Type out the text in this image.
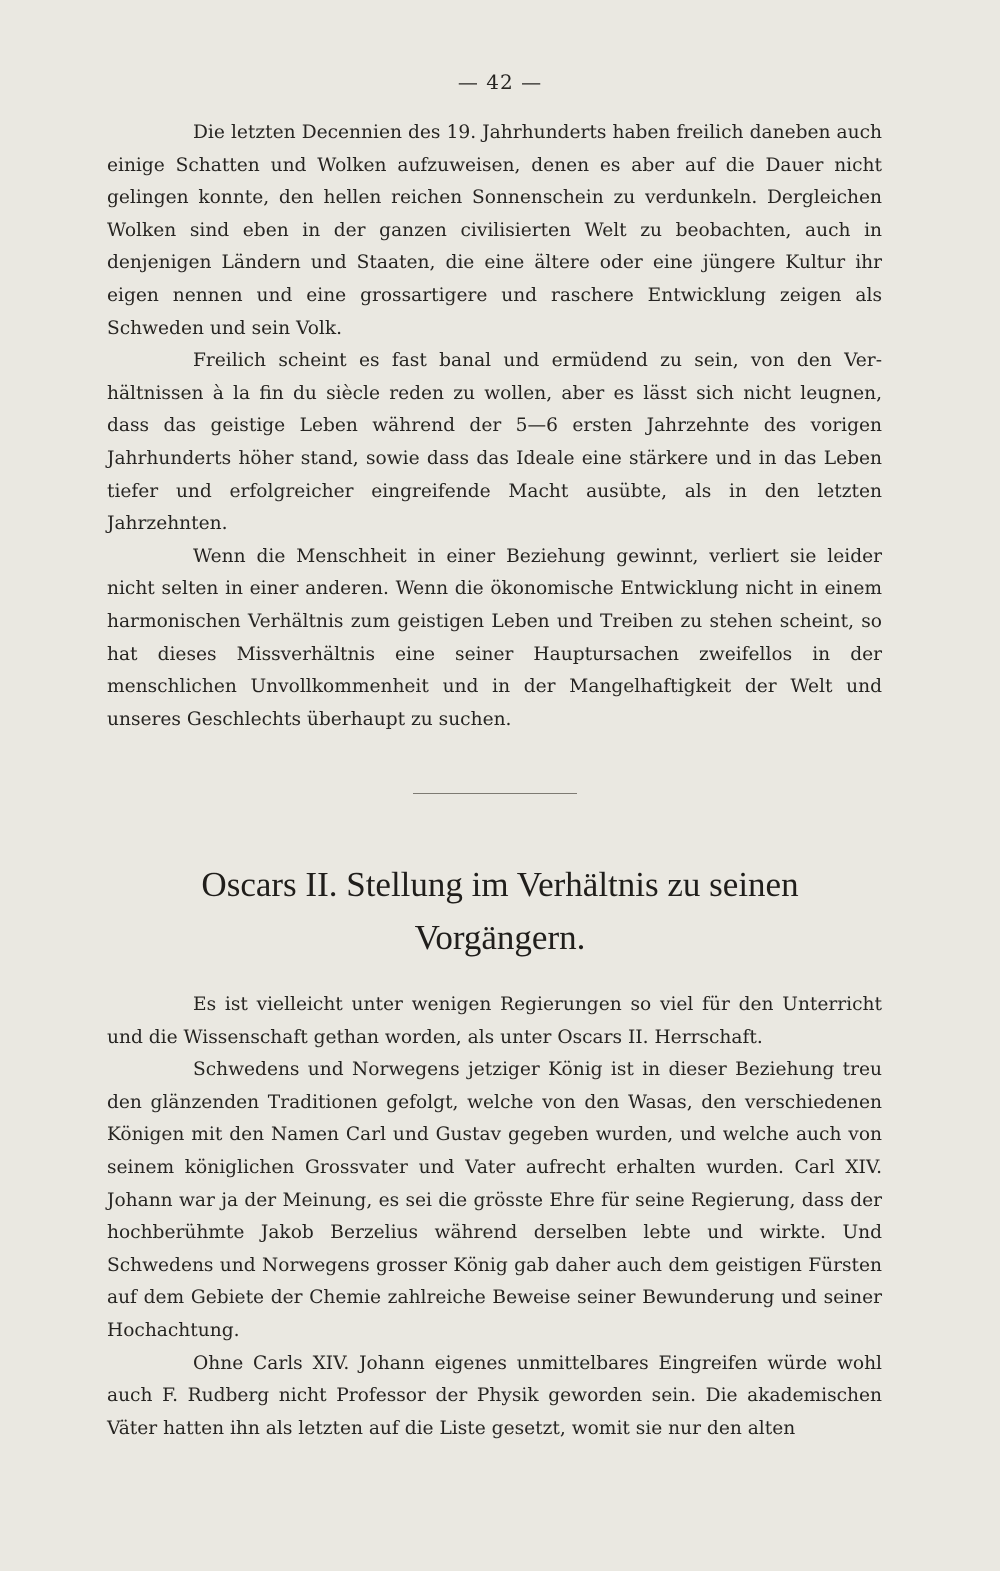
— 42 —

Die letzten Decennien des 19. Jahrhunderts haben freilich daneben auch einige Schatten und Wolken aufzuweisen, denen es aber auf die Dauer nicht gelingen konnte, den hellen reichen Sonnenschein zu verdunkeln. Dergleichen Wolken sind eben in der ganzen civilisierten Welt zu beobachten, auch in denjenigen Ländern und Staaten, die eine ältere oder eine jüngere Kultur ihr eigen nennen und eine grossartigere und raschere Entwicklung zeigen als Schweden und sein Volk.

Freilich scheint es fast banal und ermüdend zu sein, von den Verhältnissen à la fin du siècle reden zu wollen, aber es lässt sich nicht leugnen, dass das geistige Leben während der 5—6 ersten Jahrzehnte des vorigen Jahrhunderts höher stand, sowie dass das Ideale eine stärkere und in das Leben tiefer und erfolgreicher eingreifende Macht ausübte, als in den letzten Jahrzehnten.

Wenn die Menschheit in einer Beziehung gewinnt, verliert sie leider nicht selten in einer anderen. Wenn die ökonomische Entwicklung nicht in einem harmonischen Verhältnis zum geistigen Leben und Treiben zu stehen scheint, so hat dieses Missverhältnis eine seiner Hauptursachen zweifellos in der menschlichen Unvollkommenheit und in der Mangelhaftigkeit der Welt und unseres Geschlechts überhaupt zu suchen.

Oscars II. Stellung im Verhältnis zu seinen
Vorgängern.

Es ist vielleicht unter wenigen Regierungen so viel für den Unterricht und die Wissenschaft gethan worden, als unter Oscars II. Herrschaft.

Schwedens und Norwegens jetziger König ist in dieser Beziehung treu den glänzenden Traditionen gefolgt, welche von den Wasas, den verschiedenen Königen mit den Namen Carl und Gustav gegeben wurden, und welche auch von seinem königlichen Grossvater und Vater aufrecht erhalten wurden. Carl XIV. Johann war ja der Meinung, es sei die grösste Ehre für seine Regierung, dass der hochberühmte Jakob Berzelius während derselben lebte und wirkte. Und Schwedens und Norwegens grosser König gab daher auch dem geistigen Fürsten auf dem Gebiete der Chemie zahlreiche Beweise seiner Bewunderung und seiner Hochachtung.

Ohne Carls XIV. Johann eigenes unmittelbares Eingreifen würde wohl auch F. Rudberg nicht Professor der Physik geworden sein. Die akademischen Väter hatten ihn als letzten auf die Liste gesetzt, womit sie nur den alten
